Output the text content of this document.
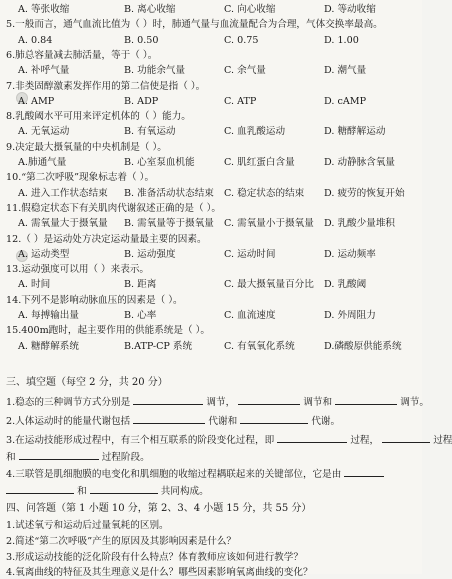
A. 等张收缩	B. 离心收缩	C. 向心收缩	D. 等动收缩
5.一般而言，通气血流比值为（ ）时，肺通气量与血流量配合为合理，气体交换率最高。
A. 0.84	B. 0.50	C. 0.75	D. 1.00
6.肺总容量减去肺活量，等于（ ）。
A. 补呼气量	B. 功能余气量	C. 余气量	D. 潮气量
7.非类固醇激素发挥作用的第二信使是指（ ）。
A. AMP	B. ADP	C. ATP	D. cAMP
8.乳酸阈水平可用来评定机体的（ ）能力。
A. 无氧运动	B. 有氧运动	C. 血乳酸运动	D. 糖酵解运动
9.决定最大摄氧量的中央机制是（ ）。
A.肺通气量	B. 心室泵血机能	C. 肌红蛋白含量	D. 动静脉含氧量
10.“第二次呼吸”现象标志着（ ）。
A. 进入工作状态结束 B. 准备活动状态结束 C. 稳定状态的结束 D. 疲劳的恢复开始
11.假稳定状态下有关肌肉代谢叙述正确的是（ ）。
A. 需氧量大于摄氧量 B. 需氧量等于摄氧量 C. 需氧量小于摄氧量 D. 乳酸少量堆积
12.（ ）是运动处方决定运动量最主要的因素。
A. 运动类型	B. 运动强度	C. 运动时间	D. 运动频率
13.运动强度可以用（ ）来表示。
A. 时间	B. 距离	C. 最大摄氧量百分比 D. 乳酸阈
14.下列不是影响动脉血压的因素是（ ）。
A. 每搏输出量	B. 心率	C. 血流速度	D. 外周阻力
15.400m跑时，起主要作用的供能系统是（ ）。
A. 糖酵解系统	B.ATP-CP 系统	C. 有氧氧化系统	D.磷酸原供能系统
三、填空题（每空 2 分，共 20 分）
1.稳态的三种调节方式分别是	调节，	调节和	调节。
2.人体运动时的能量代谢包括	代谢和	代谢。
3.在运动技能形成过程中，有三个相互联系的阶段变化过程，即	过程，	过程
和	过程阶段。
4.三联管是肌细胞膜的电变化和肌细胞的收缩过程耦联起来的关键部位，它是由
和	共同构成。
四、问答题（第 1 小题 10 分，第 2、3、4 小题 15 分，共 55 分）
1.试述氧亏和运动后过量氧耗的区别。
2.简述“第二次呼吸”产生的原因及其影响因素是什么？
3.形成运动技能的泛化阶段有什么特点？体育教师应该如何进行教学？
4.氧离曲线的特征及其生理意义是什么？哪些因素影响氧离曲线的变化？
